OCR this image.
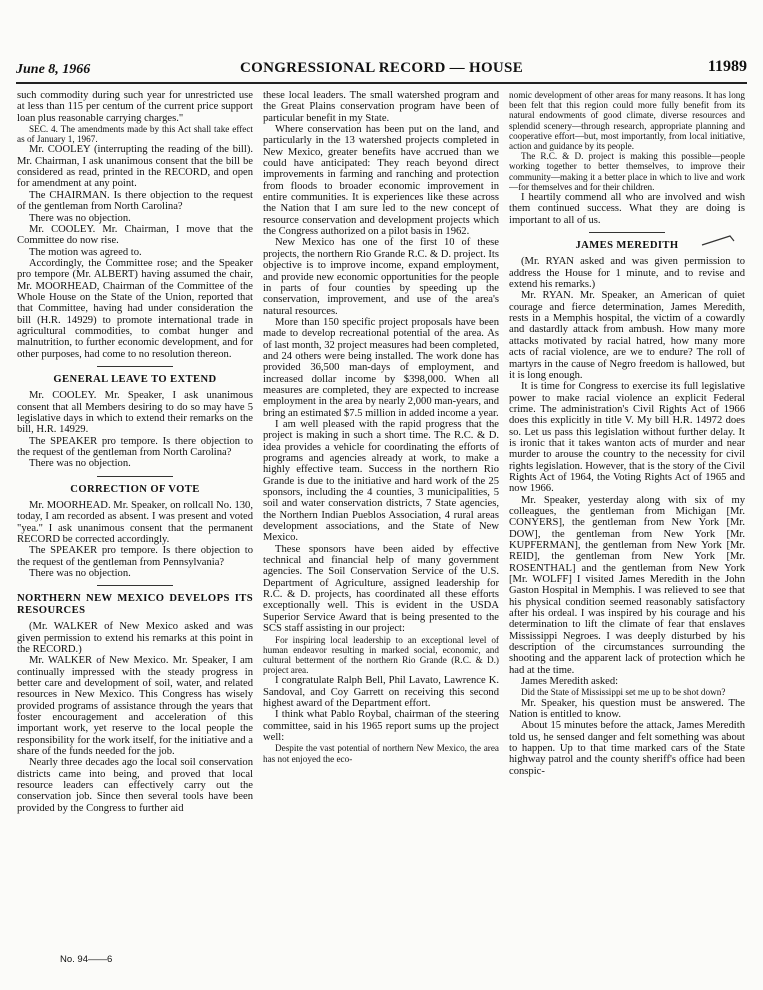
June 8, 1966	CONGRESSIONAL RECORD — HOUSE	11989

such commodity during such year for unrestricted use at less than 115 per centum of the current price support loan plus reasonable carrying charges."

SEC. 4. The amendments made by this Act shall take effect as of January 1, 1967.

Mr. COOLEY (interrupting the reading of the bill). Mr. Chairman, I ask unanimous consent that the bill be considered as read, printed in the RECORD, and open for amendment at any point.

The CHAIRMAN. Is there objection to the request of the gentleman from North Carolina?

There was no objection.

Mr. COOLEY. Mr. Chairman, I move that the Committee do now rise.

The motion was agreed to.

Accordingly, the Committee rose; and the Speaker pro tempore (Mr. ALBERT) having assumed the chair, Mr. MOORHEAD, Chairman of the Committee of the Whole House on the State of the Union, reported that that Committee, having had under consideration the bill (H.R. 14929) to promote international trade in agricultural commodities, to combat hunger and malnutrition, to further economic development, and for other purposes, had come to no resolution thereon.

GENERAL LEAVE TO EXTEND

Mr. COOLEY. Mr. Speaker, I ask unanimous consent that all Members desiring to do so may have 5 legislative days in which to extend their remarks on the bill, H.R. 14929.

The SPEAKER pro tempore. Is there objection to the request of the gentleman from North Carolina?

There was no objection.

CORRECTION OF VOTE

Mr. MOORHEAD. Mr. Speaker, on rollcall No. 130, today, I am recorded as absent. I was present and voted "yea." I ask unanimous consent that the permanent RECORD be corrected accordingly.

The SPEAKER pro tempore. Is there objection to the request of the gentleman from Pennsylvania?

There was no objection.

NORTHERN NEW MEXICO DEVELOPS ITS RESOURCES

(Mr. WALKER of New Mexico asked and was given permission to extend his remarks at this point in the RECORD.)

Mr. WALKER of New Mexico. Mr. Speaker, I am continually impressed with the steady progress in better care and development of soil, water, and related resources in New Mexico. This Congress has wisely provided programs of assistance through the years that foster encouragement and acceleration of this important work, yet reserve to the local people the responsibility for the work itself, for the initiative and a share of the funds needed for the job.

Nearly three decades ago the local soil conservation districts came into being, and proved that local resource leaders can effectively carry out the conservation job. Since then several tools have been provided by the Congress to further aid

these local leaders. The small watershed program and the Great Plains conservation program have been of particular benefit in my State.

Where conservation has been put on the land, and particularly in the 13 watershed projects completed in New Mexico, greater benefits have accrued than we could have anticipated: They reach beyond direct improvements in farming and ranching and protection from floods to broader economic improvement in entire communities. It is experiences like these across the Nation that I am sure led to the new concept of resource conservation and development projects which the Congress authorized on a pilot basis in 1962.

New Mexico has one of the first 10 of these projects, the northern Rio Grande R.C. & D. project. Its objective is to improve income, expand employment, and provide new economic opportunities for the people in parts of four counties by speeding up the conservation, improvement, and use of the area's natural resources.

More than 150 specific project proposals have been made to develop recreational potential of the area. As of last month, 32 project measures had been completed, and 24 others were being installed. The work done has provided 36,500 man-days of employment, and increased dollar income by $398,000. When all measures are completed, they are expected to increase employment in the area by nearly 2,000 man-years, and bring an estimated $7.5 million in added income a year.

I am well pleased with the rapid progress that the project is making in such a short time. The R.C. & D. idea provides a vehicle for coordinating the efforts of programs and agencies already at work, to make a highly effective team. Success in the northern Rio Grande is due to the initiative and hard work of the 25 sponsors, including the 4 counties, 3 municipalities, 5 soil and water conservation districts, 7 State agencies, the Northern Indian Pueblos Association, 4 rural areas development associations, and the State of New Mexico.

These sponsors have been aided by effective technical and financial help of many government agencies. The Soil Conservation Service of the U.S. Department of Agriculture, assigned leadership for R.C. & D. projects, has coordinated all these efforts exceptionally well. This is evident in the USDA Superior Service Award that is being presented to the SCS staff assisting in our project:

For inspiring local leadership to an exceptional level of human endeavor resulting in marked social, economic, and cultural betterment of the northern Rio Grande (R.C. & D.) project area.

I congratulate Ralph Bell, Phil Lavato, Lawrence K. Sandoval, and Coy Garrett on receiving this second highest award of the Department effort.

I think what Pablo Roybal, chairman of the steering committee, said in his 1965 report sums up the project well:

Despite the vast potential of northern New Mexico, the area has not enjoyed the eco-

nomic development of other areas for many reasons. It has long been felt that this region could more fully benefit from its natural endowments of good climate, diverse resources and splendid scenery—through research, appropriate planning and cooperative effort—but, most importantly, from local initiative, action and guidance by its people.

The R.C. & D. project is making this possible—people working together to better themselves, to improve their community—making it a better place in which to live and work—for themselves and for their children.

I heartily commend all who are involved and wish them continued success. What they are doing is important to all of us.

JAMES MEREDITH

(Mr. RYAN asked and was given permission to address the House for 1 minute, and to revise and extend his remarks.)

Mr. RYAN. Mr. Speaker, an American of quiet courage and fierce determination, James Meredith, rests in a Memphis hospital, the victim of a cowardly and dastardly attack from ambush. How many more attacks motivated by racial hatred, how many more acts of racial violence, are we to endure? The roll of martyrs in the cause of Negro freedom is hallowed, but it is long enough.

It is time for Congress to exercise its full legislative power to make racial violence an explicit Federal crime. The administration's Civil Rights Act of 1966 does this explicitly in title V. My bill H.R. 14972 does so. Let us pass this legislation without further delay. It is ironic that it takes wanton acts of murder and near murder to arouse the country to the necessity for civil rights legislation. However, that is the story of the Civil Rights Act of 1964, the Voting Rights Act of 1965 and now 1966.

Mr. Speaker, yesterday along with six of my colleagues, the gentleman from Michigan [Mr. CONYERS], the gentleman from New York [Mr. DOW], the gentleman from New York [Mr. KUPFERMAN], the gentleman from New York [Mr. REID], the gentleman from New York [Mr. ROSENTHAL] and the gentleman from New York [Mr. WOLFF] I visited James Meredith in the John Gaston Hospital in Memphis. I was relieved to see that his physical condition seemed reasonably satisfactory after his ordeal. I was inspired by his courage and his determination to lift the climate of fear that enslaves Mississippi Negroes. I was deeply disturbed by his description of the circumstances surrounding the shooting and the apparent lack of protection which he had at the time.

James Meredith asked:

Did the State of Mississippi set me up to be shot down?

Mr. Speaker, his question must be answered. The Nation is entitled to know.

About 15 minutes before the attack, James Meredith told us, he sensed danger and felt something was about to happen. Up to that time marked cars of the State highway patrol and the county sheriff's office had been conspic-

No. 94——6
